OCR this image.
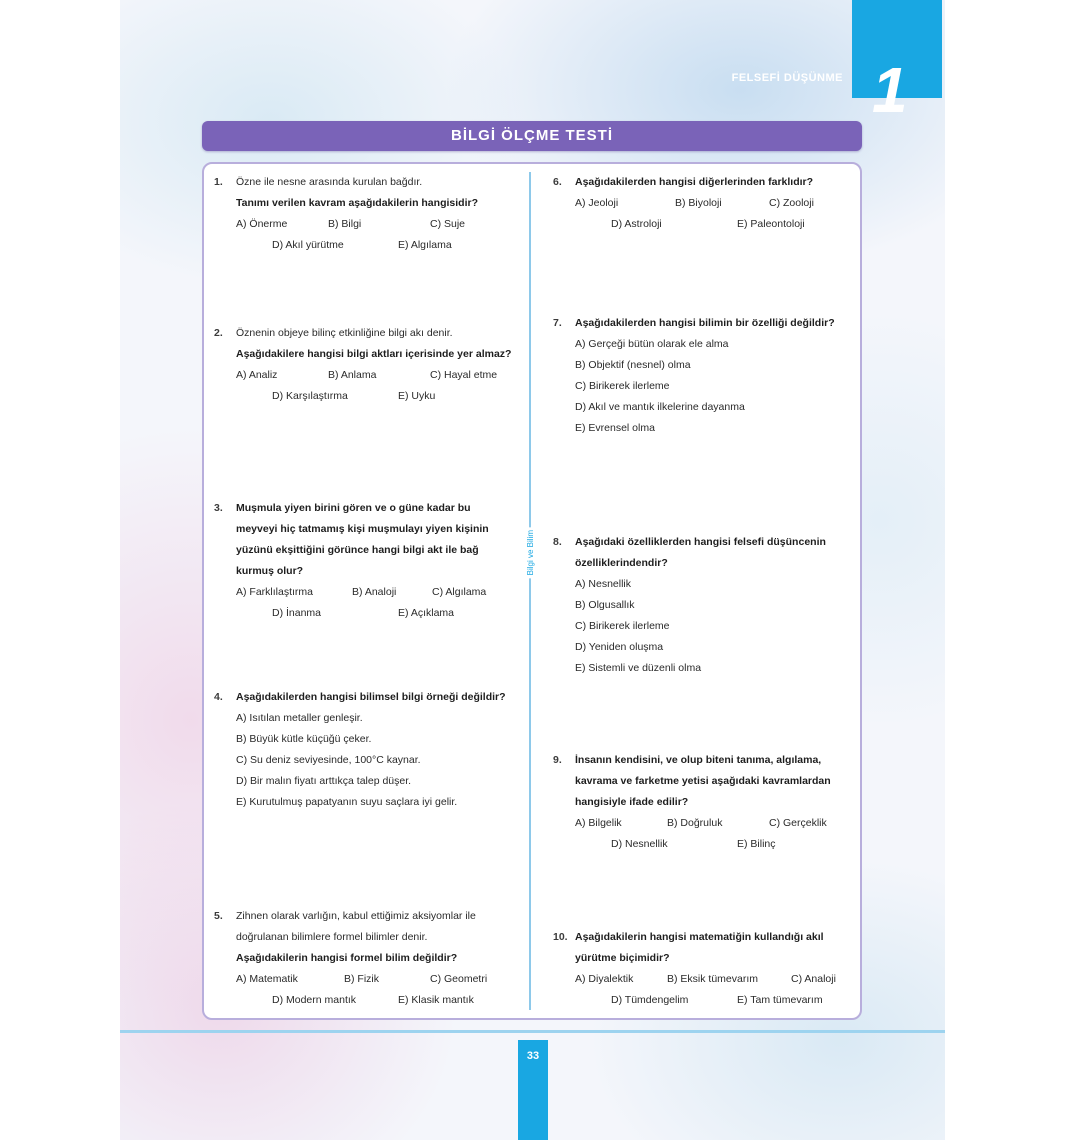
1
FELSEFİ DÜŞÜNME
BİLGİ ÖLÇME TESTİ
Bilgi ve Bilim
1. Özne ile nesne arasında kurulan bağdır.

Tanımı verilen kavram aşağıdakilerin hangisidir?

A) Önerme	B) Bilgi	C) Suje
D) Akıl yürütme	E) Algılama
2. Öznenin objeye bilinç etkinliğine bilgi akı denir.

Aşağıdakilere hangisi bilgi aktları içerisinde yer almaz?

A) Analiz	B) Anlama	C) Hayal etme
D) Karşılaştırma	E) Uyku
3. Muşmula yiyen birini gören ve o güne kadar bu meyveyi hiç tatmamış kişi muşmulayı yiyen kişinin yüzünü ekşittiğini görünce hangi bilgi akt ile bağ kurmuş olur?

A) Farklılaştırma	B) Analoji	C) Algılama
D) İnanma	E) Açıklama
4. Aşağıdakilerden hangisi bilimsel bilgi örneği değildir?

A) Isıtılan metaller genleşir.
B) Büyük kütle küçüğü çeker.
C) Su deniz seviyesinde, 100°C kaynar.
D) Bir malın fiyatı arttıkça talep düşer.
E) Kurutulmuş papatyanın suyu saçlara iyi gelir.
5. Zihnen olarak varlığın, kabul ettiğimiz aksiyomlar ile doğrulanan bilimlere formel bilimler denir.

Aşağıdakilerin hangisi formel bilim değildir?

A) Matematik	B) Fizik	C) Geometri
D) Modern mantık	E) Klasik mantık
6. Aşağıdakilerden hangisi diğerlerinden farklıdır?

A) Jeoloji	B) Biyoloji	C) Zooloji
D) Astroloji	E) Paleontoloji
7. Aşağıdakilerden hangisi bilimin bir özelliği değildir?

A) Gerçeği bütün olarak ele alma
B) Objektif (nesnel) olma
C) Birikerek ilerleme
D) Akıl ve mantık ilkelerine dayanma
E) Evrensel olma
8. Aşağıdaki özelliklerden hangisi felsefi düşüncenin özelliklerindendir?

A) Nesnellik
B) Olgusallık
C) Birikerek ilerleme
D) Yeniden oluşma
E) Sistemli ve düzenli olma
9. İnsanın kendisini, ve olup biteni tanıma, algılama, kavrama ve farketme yetisi aşağıdaki kavramlardan hangisiyle ifade edilir?

A) Bilgelik	B) Doğruluk	C) Gerçeklik
D) Nesnellik	E) Bilinç
10. Aşağıdakilerin hangisi matematiğin kullandığı akıl yürütme biçimidir?

A) Diyalektik	B) Eksik tümevarım	C) Analoji
D) Tümdengelim	E) Tam tümevarım
33
